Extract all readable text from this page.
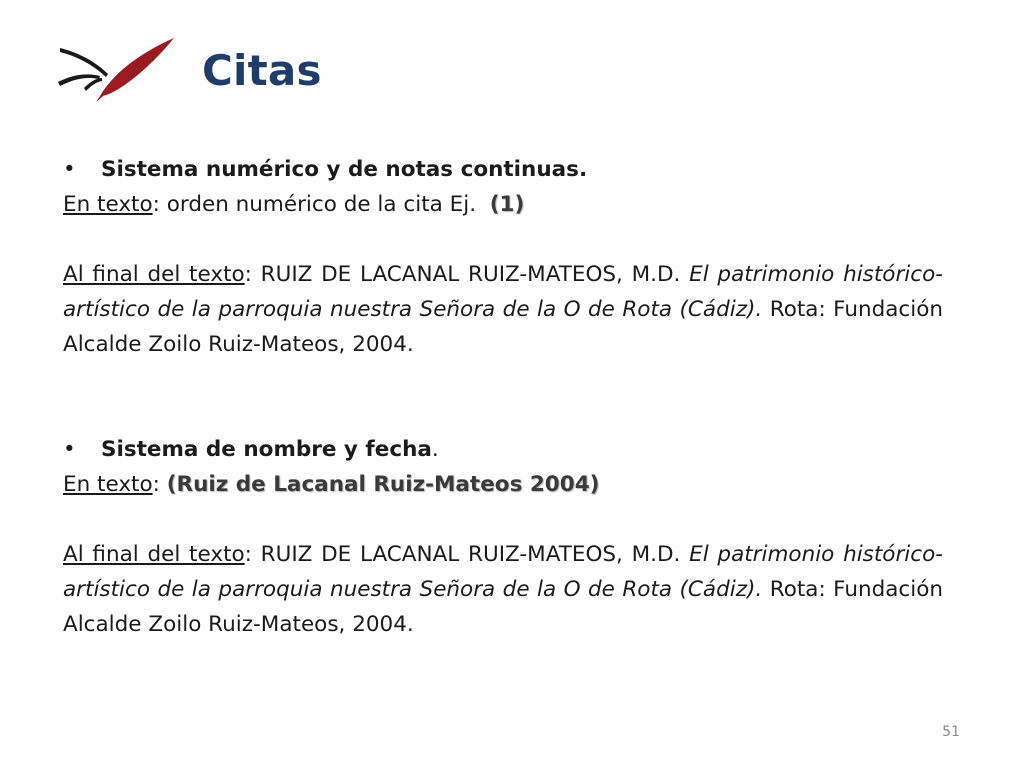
Citas

• Sistema numérico y de notas continuas.

En texto: orden numérico de la cita Ej. (1)

Al final del texto: RUIZ DE LACANAL RUIZ-MATEOS, M.D. El patrimonio histórico-artístico de la parroquia nuestra Señora de la O de Rota (Cádiz). Rota: Fundación Alcalde Zoilo Ruiz-Mateos, 2004.

• Sistema de nombre y fecha.

En texto: (Ruiz de Lacanal Ruiz-Mateos 2004)

Al final del texto: RUIZ DE LACANAL RUIZ-MATEOS, M.D. El patrimonio histórico-artístico de la parroquia nuestra Señora de la O de Rota (Cádiz). Rota: Fundación Alcalde Zoilo Ruiz-Mateos, 2004.

51
